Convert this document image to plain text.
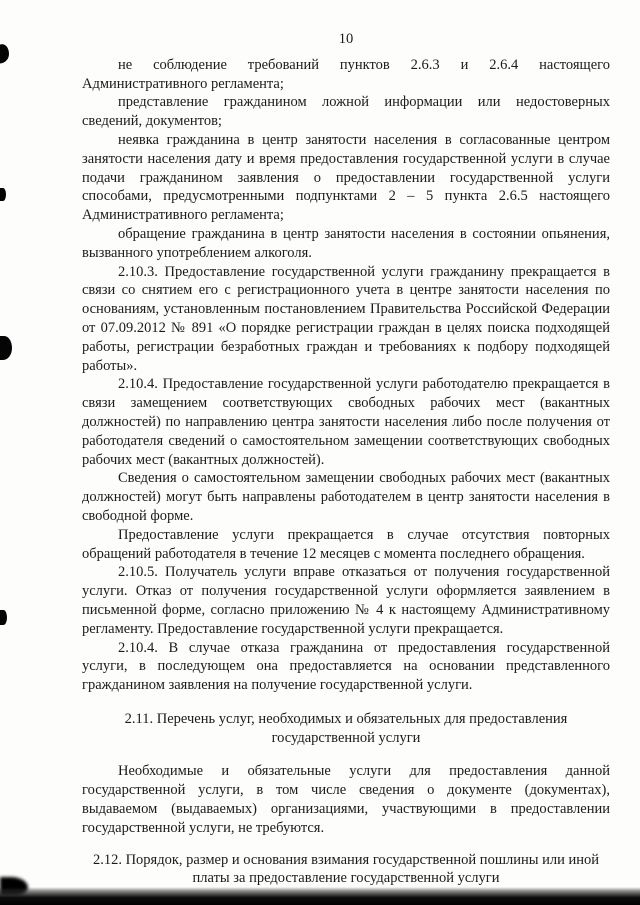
10

не соблюдение требований пунктов 2.6.3 и 2.6.4 настоящего Административного регламента;

представление гражданином ложной информации или недостоверных сведений, документов;

неявка гражданина в центр занятости населения в согласованные центром занятости населения дату и время предоставления государственной услуги в случае подачи гражданином заявления о предоставлении государственной услуги способами, предусмотренными подпунктами 2 – 5 пункта 2.6.5 настоящего Административного регламента;

обращение гражданина в центр занятости населения в состоянии опьянения, вызванного употреблением алкоголя.

2.10.3. Предоставление государственной услуги гражданину прекращается в связи со снятием его с регистрационного учета в центре занятости населения по основаниям, установленным постановлением Правительства Российской Федерации от 07.09.2012 № 891 «О порядке регистрации граждан в целях поиска подходящей работы, регистрации безработных граждан и требованиях к подбору подходящей работы».

2.10.4. Предоставление государственной услуги работодателю прекращается в связи замещением соответствующих свободных рабочих мест (вакантных должностей) по направлению центра занятости населения либо после получения от работодателя сведений о самостоятельном замещении соответствующих свободных рабочих мест (вакантных должностей).

Сведения о самостоятельном замещении свободных рабочих мест (вакантных должностей) могут быть направлены работодателем в центр занятости населения в свободной форме.

Предоставление услуги прекращается в случае отсутствия повторных обращений работодателя в течение 12 месяцев с момента последнего обращения.

2.10.5. Получатель услуги вправе отказаться от получения государственной услуги. Отказ от получения государственной услуги оформляется заявлением в письменной форме, согласно приложению № 4 к настоящему Административному регламенту. Предоставление государственной услуги прекращается.

2.10.4. В случае отказа гражданина от предоставления государственной услуги, в последующем она предоставляется на основании представленного гражданином заявления на получение государственной услуги.

2.11. Перечень услуг, необходимых и обязательных для предоставления государственной услуги

Необходимые и обязательные услуги для предоставления данной государственной услуги, в том числе сведения о документе (документах), выдаваемом (выдаваемых) организациями, участвующими в предоставлении государственной услуги, не требуются.

2.12. Порядок, размер и основания взимания государственной пошлины или иной платы за предоставление государственной услуги
